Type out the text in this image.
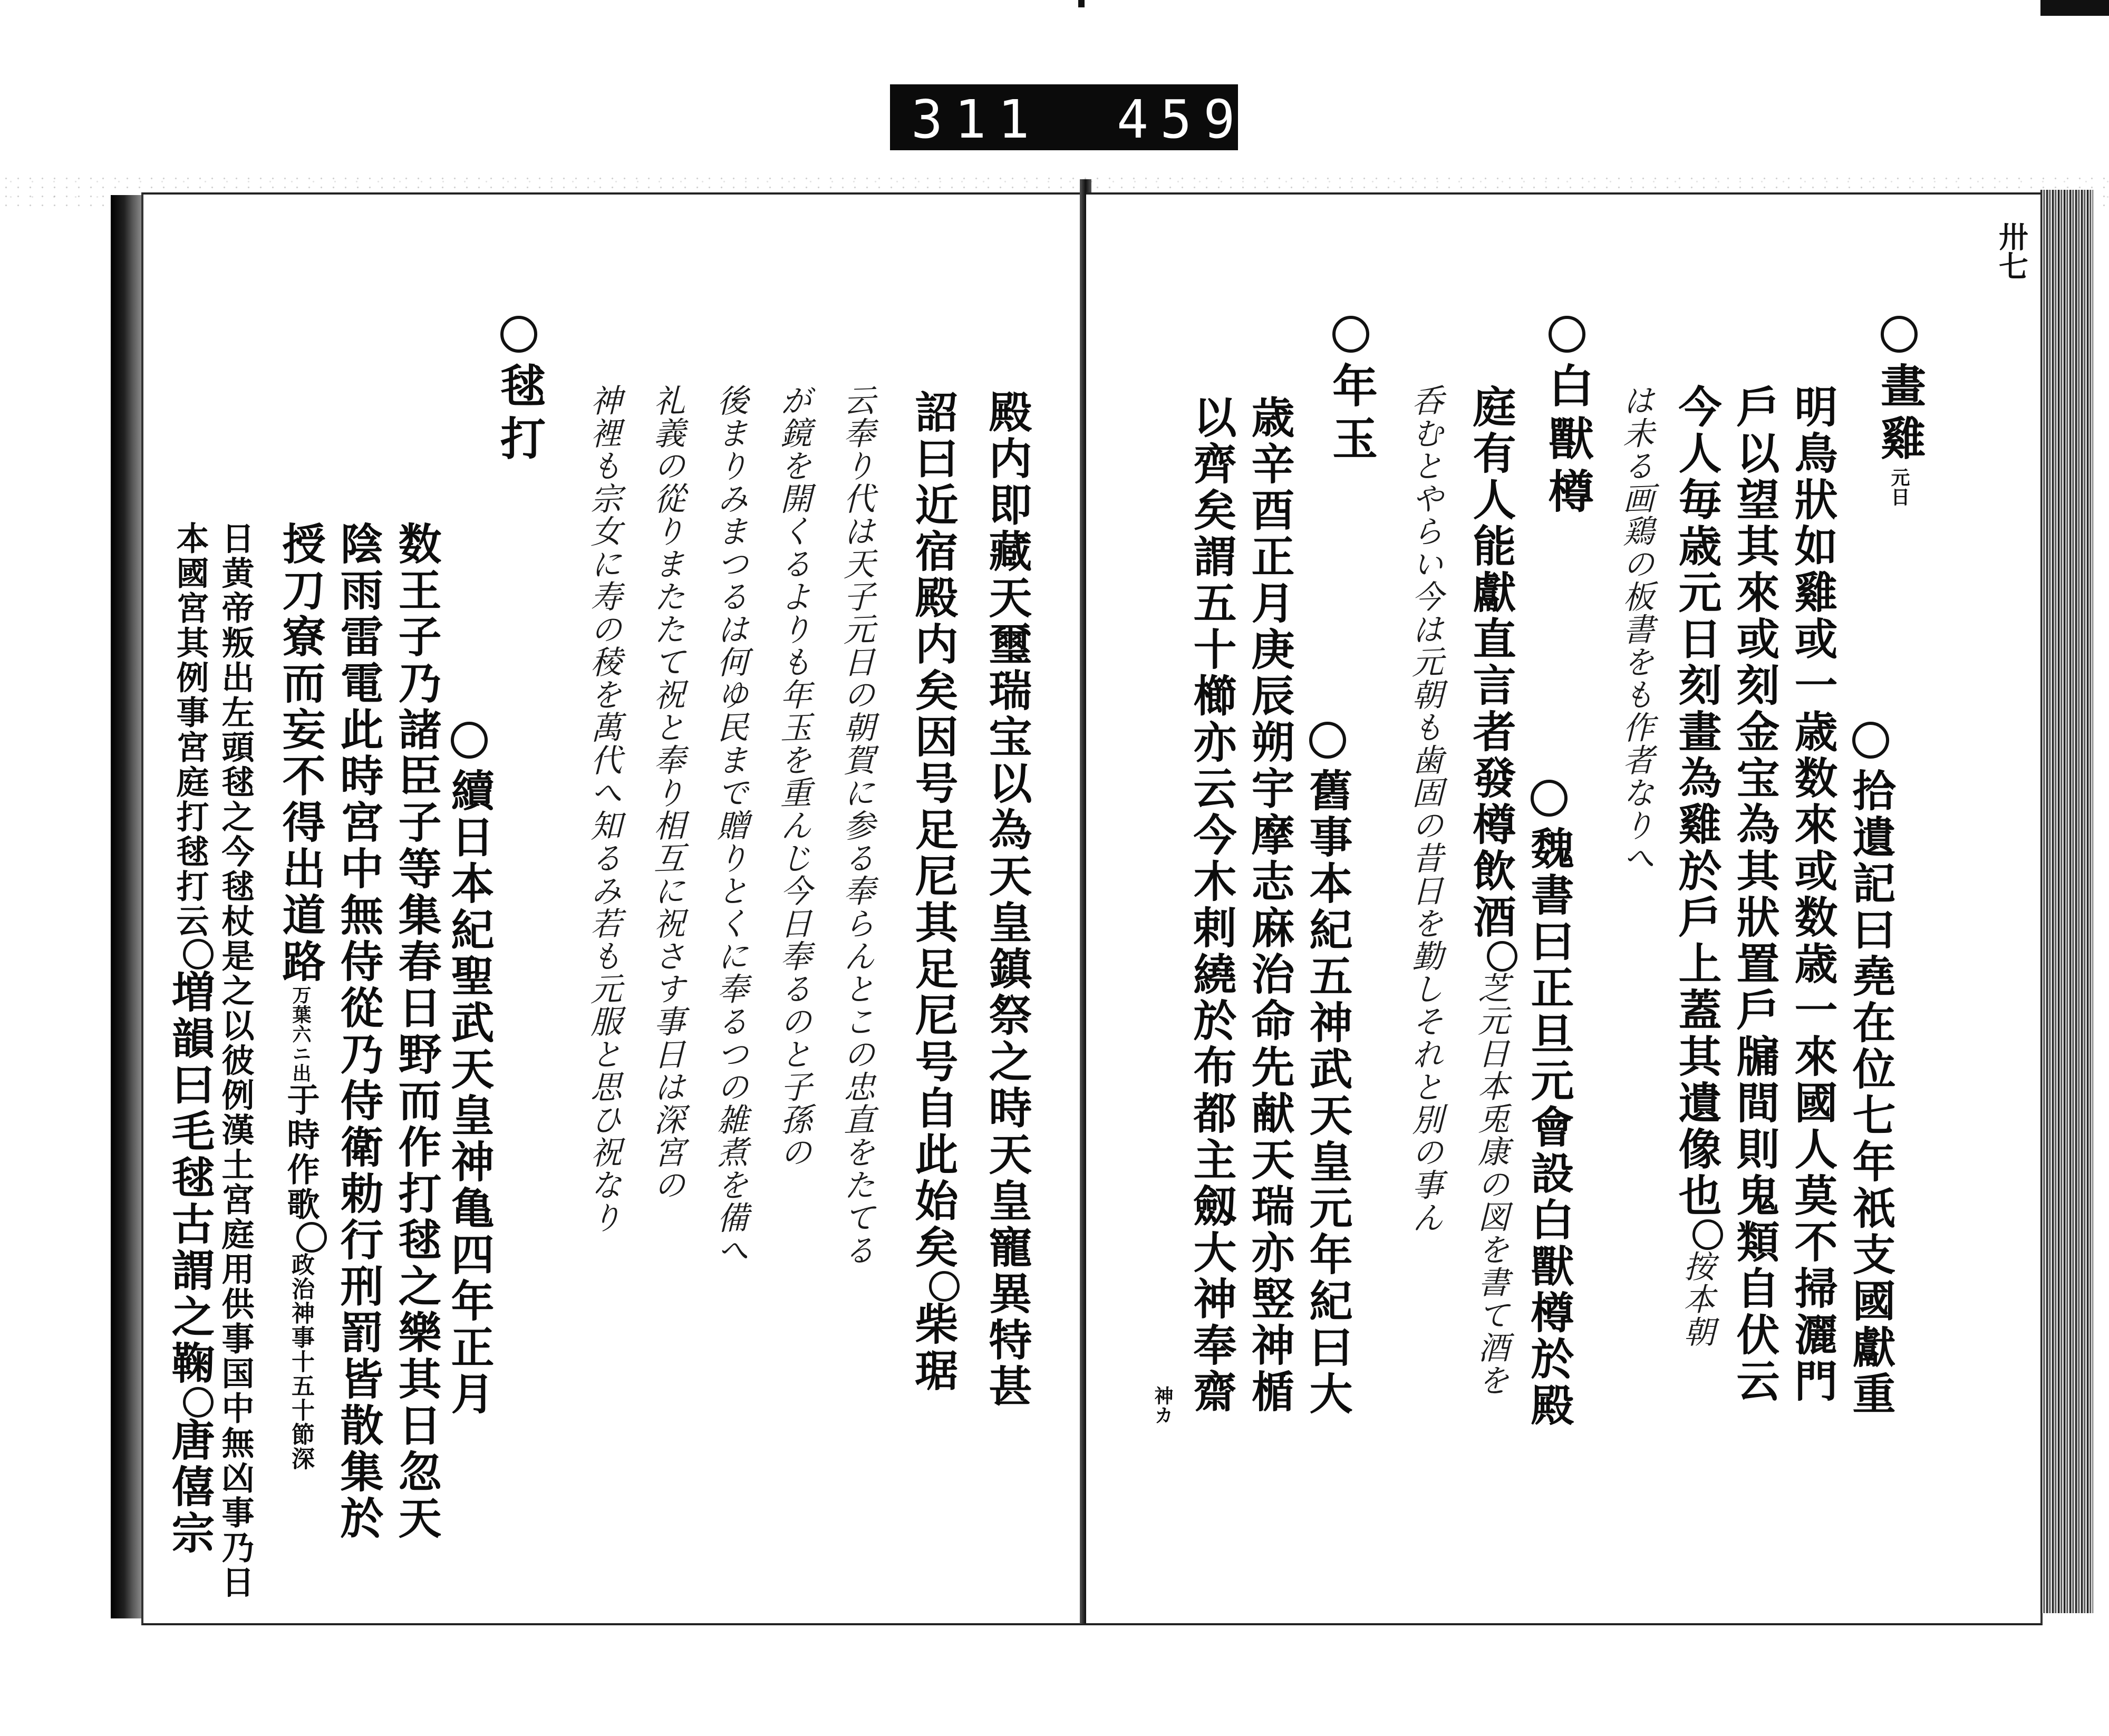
311 459.
殿内即藏天璽瑞宝以為天皇鎮祭之時天皇寵異特甚
詔曰近宿殿内矣因号足尼其足尼号自此始矣柴琚
云奉り代は天子元日の朝賀に参る奉らんとこの忠直をたてる
が鏡を開くるよりも年玉を重んじ今日奉るのと子孫の
後まりみまつるは何ゆ民まで贈りとくに奉るつの雑煮を備へ
礼義の從りまたたて祝と奉り相互に祝さす事日は深宮の
神裡も宗女に寿の稜を萬代へ知るみ若も元服と思ひ祝なり
毬打
續日本紀聖武天皇神亀四年正月
数王子乃諸臣子等集春日野而作打毬之樂其日忽天
陰雨雷電此時宮中無侍從乃侍衛勅行刑罰皆散集於
授刀寮而妄不得出道路万葉六ニ出于時作歌政治神事十五十節深
日黄帝叛出左頭毬之今毬杖是之以彼例漢土宮庭用供事国中無凶事乃日
本國宮其例事宮庭打毬打云増韻曰毛毬古謂之鞠唐僖宗
畫雞元日
拾遺記曰堯在位七年祇支國獻重
明鳥狀如雞或一歳数來或数歳一來國人莫不掃灑門
戶以望其來或刻金宝為其狀置戶牖間則鬼類自伏云
今人毎歳元日刻畫為雞於戶上蓋其遺像也按本朝
は未る画鶏の板書をも作者なりへ
白獸樽
魏書曰正旦元會設白獸樽於殿
庭有人能獻直言者發樽飲酒芝元日本兎康の図を書て酒を
呑むとやらい今は元朝も歯固の昔日を勤しそれと別の事ん
年玉
舊事本紀五神武天皇元年紀曰大
歳辛酉正月庚辰朔宇摩志麻治命先献天瑞亦竪神楯
以齊矣謂五十櫛亦云今木剌繞於布都主劔大神奉齋
神カ
卅七
